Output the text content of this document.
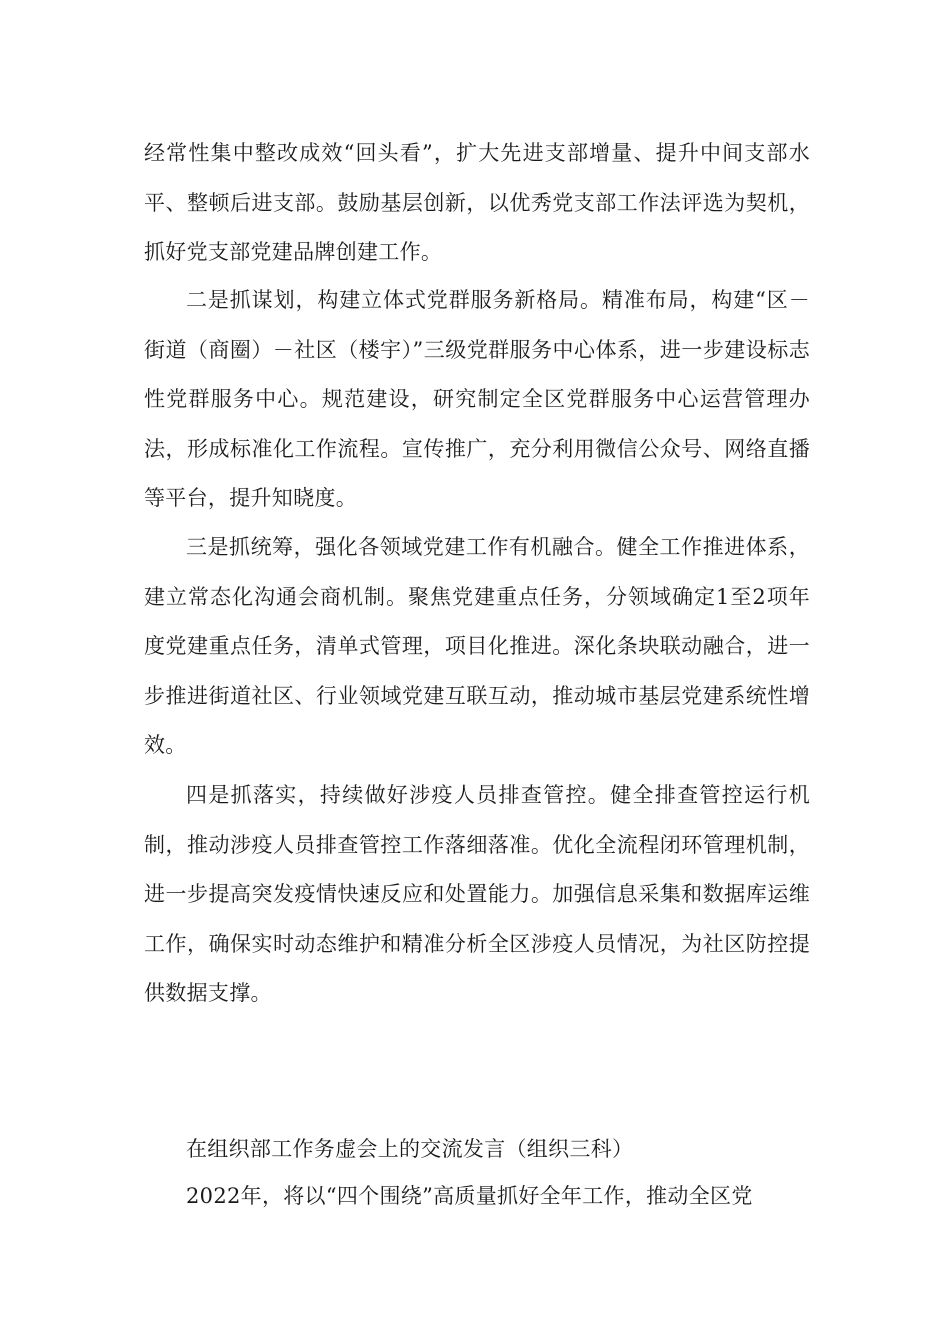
经常性集中整改成效“回头看”，扩大先进支部增量、提升中间支部水平、整顿后进支部。鼓励基层创新，以优秀党支部工作法评选为契机，抓好党支部党建品牌创建工作。

二是抓谋划，构建立体式党群服务新格局。精准布局，构建“区－街道（商圈）－社区（楼宇）”三级党群服务中心体系，进一步建设标志性党群服务中心。规范建设，研究制定全区党群服务中心运营管理办法，形成标准化工作流程。宣传推广，充分利用微信公众号、网络直播等平台，提升知晓度。

三是抓统筹，强化各领域党建工作有机融合。健全工作推进体系，建立常态化沟通会商机制。聚焦党建重点任务，分领域确定1至2项年度党建重点任务，清单式管理，项目化推进。深化条块联动融合，进一步推进街道社区、行业领域党建互联互动，推动城市基层党建系统性增效。

四是抓落实，持续做好涉疫人员排查管控。健全排查管控运行机制，推动涉疫人员排查管控工作落细落准。优化全流程闭环管理机制，进一步提高突发疫情快速反应和处置能力。加强信息采集和数据库运维工作，确保实时动态维护和精准分析全区涉疫人员情况，为社区防控提供数据支撑。

在组织部工作务虚会上的交流发言（组织三科）

2022年，将以“四个围绕”高质量抓好全年工作，推动全区党
